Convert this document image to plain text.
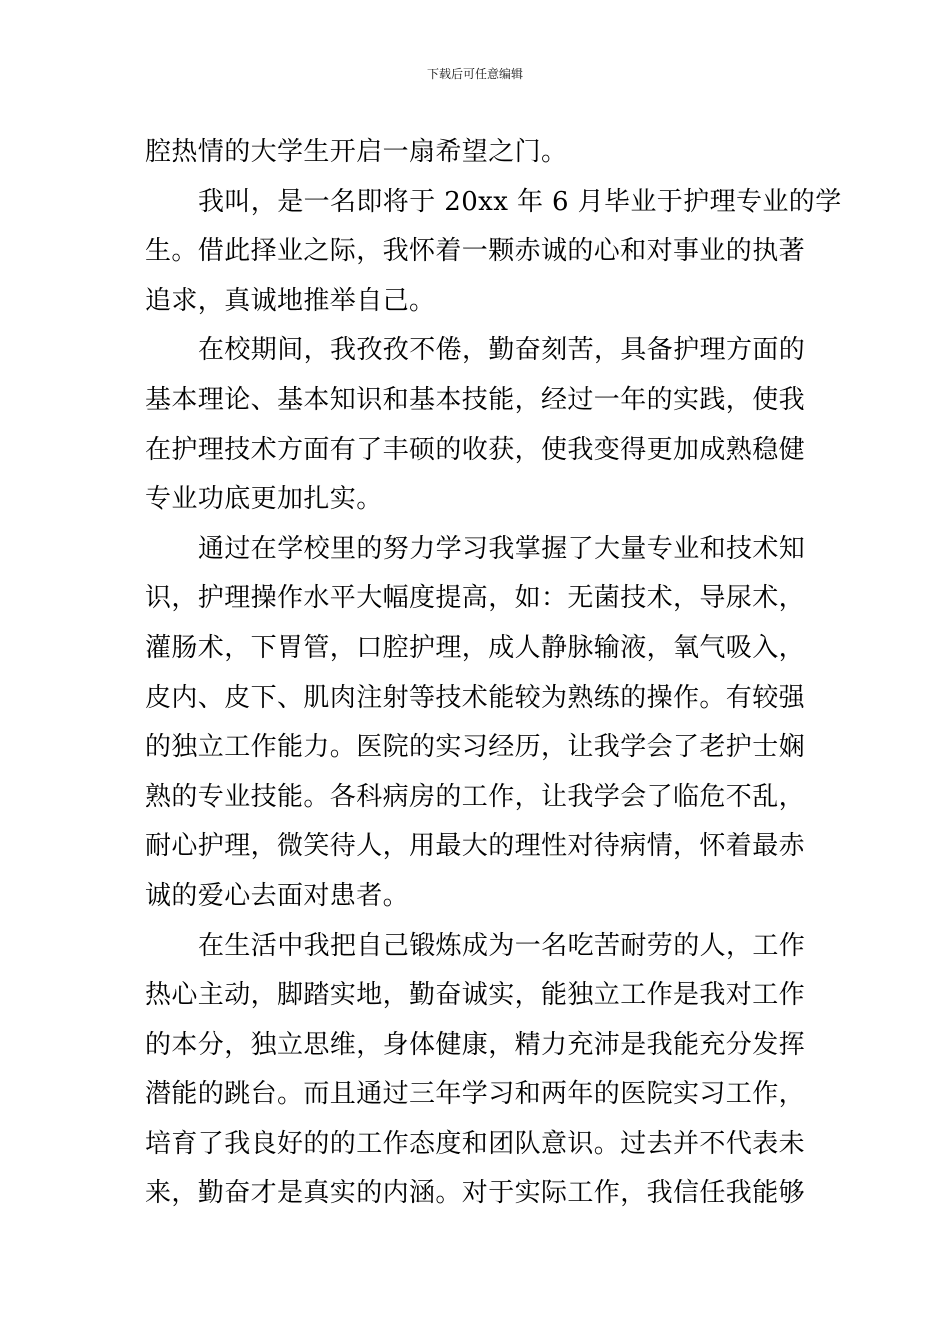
下载后可任意编辑
腔热情的大学生开启一扇希望之门。
我叫，是一名即将于 20xx 年 6 月毕业于护理专业的学
生。借此择业之际，我怀着一颗赤诚的心和对事业的执著
追求，真诚地推举自己。
在校期间，我孜孜不倦，勤奋刻苦，具备护理方面的
基本理论、基本知识和基本技能，经过一年的实践，使我
在护理技术方面有了丰硕的收获，使我变得更加成熟稳健
专业功底更加扎实。
通过在学校里的努力学习我掌握了大量专业和技术知
识，护理操作水平大幅度提高，如：无菌技术，导尿术，
灌肠术，下胃管，口腔护理，成人静脉输液，氧气吸入，
皮内、皮下、肌肉注射等技术能较为熟练的操作。有较强
的独立工作能力。医院的实习经历，让我学会了老护士娴
熟的专业技能。各科病房的工作，让我学会了临危不乱，
耐心护理，微笑待人，用最大的理性对待病情，怀着最赤
诚的爱心去面对患者。
在生活中我把自己锻炼成为一名吃苦耐劳的人，工作
热心主动，脚踏实地，勤奋诚实，能独立工作是我对工作
的本分，独立思维，身体健康，精力充沛是我能充分发挥
潜能的跳台。而且通过三年学习和两年的医院实习工作，
培育了我良好的的工作态度和团队意识。过去并不代表未
来，勤奋才是真实的内涵。对于实际工作，我信任我能够
